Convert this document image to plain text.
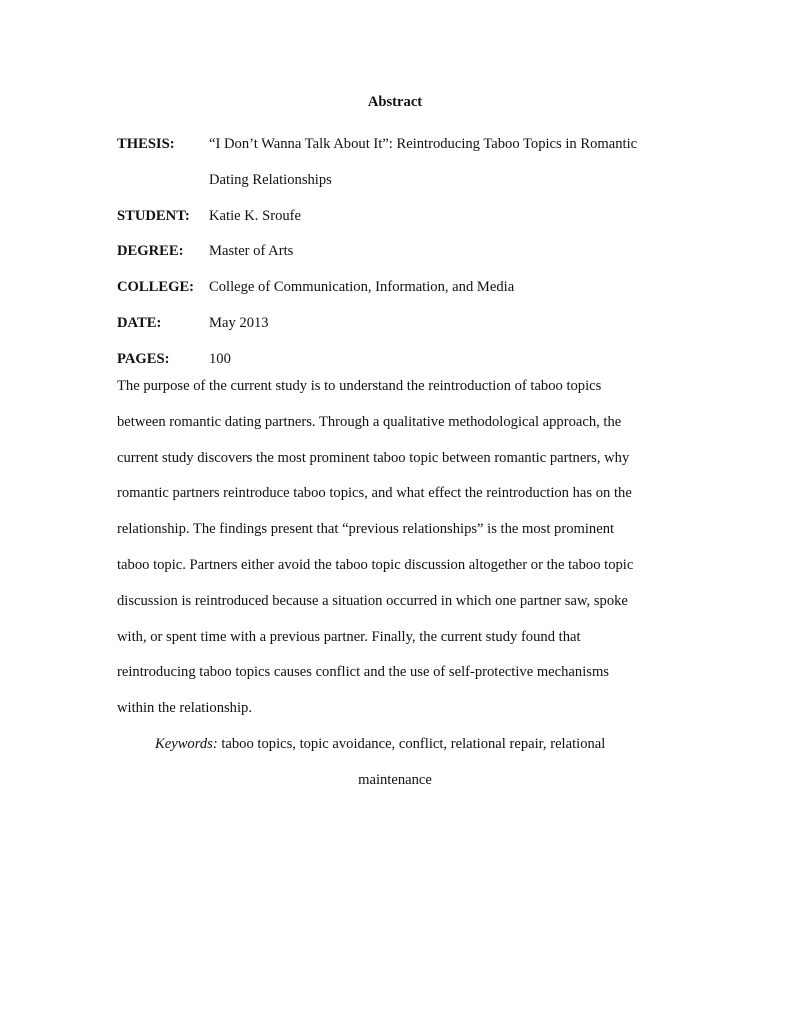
Abstract
THESIS:	“I Don’t Wanna Talk About It”: Reintroducing Taboo Topics in Romantic
Dating Relationships
STUDENT:	Katie K. Sroufe
DEGREE:	Master of Arts
COLLEGE:	College of Communication, Information, and Media
DATE:	May 2013
PAGES:	100
The purpose of the current study is to understand the reintroduction of taboo topics
between romantic dating partners. Through a qualitative methodological approach, the
current study discovers the most prominent taboo topic between romantic partners, why
romantic partners reintroduce taboo topics, and what effect the reintroduction has on the
relationship. The findings present that “previous relationships” is the most prominent
taboo topic. Partners either avoid the taboo topic discussion altogether or the taboo topic
discussion is reintroduced because a situation occurred in which one partner saw, spoke
with, or spent time with a previous partner. Finally, the current study found that
reintroducing taboo topics causes conflict and the use of self-protective mechanisms
within the relationship.
Keywords: taboo topics, topic avoidance, conflict, relational repair, relational
maintenance
